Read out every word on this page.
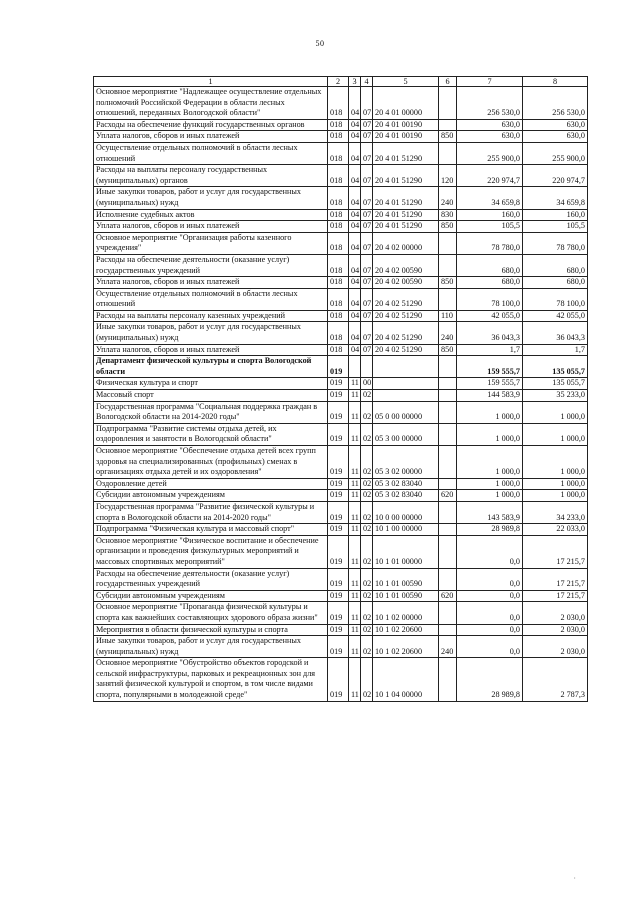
50
1	2	3	4	5	6	7	8
Основное мероприятие "Надлежащее осуществление отдельных полномочий Российской Федерации в области лесных отношений, переданных Вологодской области"	018	04	07	20 4 01 00000		256 530,0	256 530,0
Расходы на обеспечение функций государственных органов	018	04	07	20 4 01 00190		630,0	630,0
Уплата налогов, сборов и иных платежей	018	04	07	20 4 01 00190	850	630,0	630,0
Осуществление отдельных полномочий в области лесных отношений	018	04	07	20 4 01 51290		255 900,0	255 900,0
Расходы на выплаты персоналу государственных (муниципальных) органов	018	04	07	20 4 01 51290	120	220 974,7	220 974,7
Иные закупки товаров, работ и услуг для государственных (муниципальных) нужд	018	04	07	20 4 01 51290	240	34 659,8	34 659,8
Исполнение судебных актов	018	04	07	20 4 01 51290	830	160,0	160,0
Уплата налогов, сборов и иных платежей	018	04	07	20 4 01 51290	850	105,5	105,5
Основное мероприятие "Организация работы казенного учреждения"	018	04	07	20 4 02 00000		78 780,0	78 780,0
Расходы на обеспечение деятельности (оказание услуг) государственных учреждений	018	04	07	20 4 02 00590		680,0	680,0
Уплата налогов, сборов и иных платежей	018	04	07	20 4 02 00590	850	680,0	680,0
Осуществление отдельных полномочий в области лесных отношений	018	04	07	20 4 02 51290		78 100,0	78 100,0
Расходы на выплаты персоналу казенных учреждений	018	04	07	20 4 02 51290	110	42 055,0	42 055,0
Иные закупки товаров, работ и услуг для государственных (муниципальных) нужд	018	04	07	20 4 02 51290	240	36 043,3	36 043,3
Уплата налогов, сборов и иных платежей	018	04	07	20 4 02 51290	850	1,7	1,7
Департамент физической культуры и спорта Вологодской области	019					159 555,7	135 055,7
Физическая культура и спорт	019	11	00			159 555,7	135 055,7
Массовый спорт	019	11	02			144 583,9	35 233,0
Государственная программа "Социальная поддержка граждан в Вологодской области на 2014-2020 годы"	019	11	02	05 0 00 00000		1 000,0	1 000,0
Подпрограмма "Развитие системы отдыха детей, их оздоровления и занятости в Вологодской области"	019	11	02	05 3 00 00000		1 000,0	1 000,0
Основное мероприятие "Обеспечение отдыха детей всех групп здоровья на специализированных (профильных) сменах в организациях отдыха детей и их оздоровления"	019	11	02	05 3 02 00000		1 000,0	1 000,0
Оздоровление детей	019	11	02	05 3 02 83040		1 000,0	1 000,0
Субсидии автономным учреждениям	019	11	02	05 3 02 83040	620	1 000,0	1 000,0
Государственная программа "Развитие физической культуры и спорта в Вологодской области на 2014-2020 годы"	019	11	02	10 0 00 00000		143 583,9	34 233,0
Подпрограмма "Физическая культура и массовый спорт"	019	11	02	10 1 00 00000		28 989,8	22 033,0
Основное мероприятие "Физическое воспитание и обеспечение организации и проведения физкультурных мероприятий и массовых спортивных мероприятий"	019	11	02	10 1 01 00000		0,0	17 215,7
Расходы на обеспечение деятельности (оказание услуг) государственных учреждений	019	11	02	10 1 01 00590		0,0	17 215,7
Субсидии автономным учреждениям	019	11	02	10 1 01 00590	620	0,0	17 215,7
Основное мероприятие "Пропаганда физической культуры и спорта как важнейших составляющих здорового образа жизни"	019	11	02	10 1 02 00000		0,0	2 030,0
Мероприятия в области физической культуры и спорта	019	11	02	10 1 02 20600		0,0	2 030,0
Иные закупки товаров, работ и услуг для государственных (муниципальных) нужд	019	11	02	10 1 02 20600	240	0,0	2 030,0
Основное мероприятие "Обустройство объектов городской и сельской инфраструктуры, парковых и рекреационных зон для занятий физической культурой и спортом, в том числе видами спорта, популярными в молодежной среде"	019	11	02	10 1 04 00000		28 989,8	2 787,3
·
